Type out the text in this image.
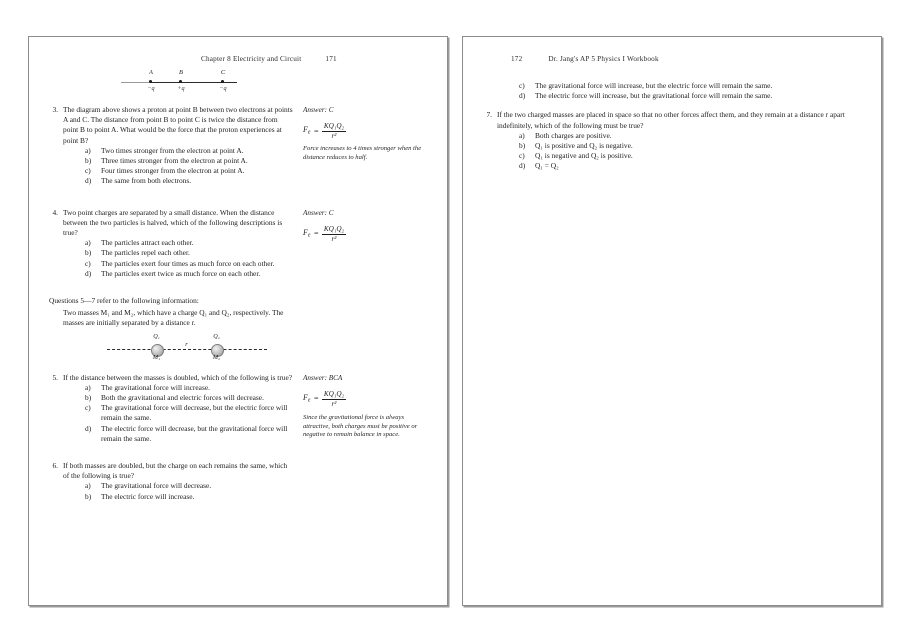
Chapter 8 Electricity and Circuit	171
A	B	C
−q	+q	−q
3. The diagram above shows a proton at point B between two electrons at points A and C. The distance from point B to point C is twice the distance from point B to point A. What would be the force that the proton experiences at point B?

a) Two times stronger from the electron at point A.
b) Three times stronger from the electron at point A.
c) Four times stronger from the electron at point A.
d) The same from both electrons.

Answer: C

$F_e = \frac{\text{KQ₁Q₂}}{\text{r²}}$

Force increases to 4 times stronger when the distance reduces to half.

4. Two point charges are separated by a small distance. When the distance between the two particles is halved, which of the following descriptions is true?

a) The particles attract each other.
b) The particles repel each other.
c) The particles exert four times as much force on each other.
d) The particles exert twice as much force on each other.

Answer: C

$F_e = \frac{\text{KQ₁Q₂}}{\text{r²}}$

Questions 5—7 refer to the following information:

Two masses M₁ and M₂, which have a charge Q₁ and Q₂, respectively. The masses are initially separated by a distance r.

Q₁	Q₂
M₁	M₂
r
5. If the distance between the masses is doubled, which of the following is true?

a) The gravitational force will increase.
b) Both the gravitational and electric forces will decrease.
c) The gravitational force will decrease, but the electric force will remain the same.
d) The electric force will decrease, but the gravitational force will remain the same.

Answer: BCA

$F_e = \frac{\text{KQ₁Q₂}}{\text{r²}}$

Since the gravitational force is always attractive, both charges must be positive or negative to remain balance in space.

6. If both masses are doubled, but the charge on each remains the same, which of the following is true?

a) The gravitational force will decrease.
b) The electric force will increase.
172	Dr. Jang's AP 5 Physics I Workbook
c) The gravitational force will increase, but the electric force will remain the same.
d) The electric force will increase, but the gravitational force will remain the same.
7. If the two charged masses are placed in space so that no other forces affect them, and they remain at a distance r apart indefinitely, which of the following must be true?

a) Both charges are positive.
b) Q₁ is positive and Q₂ is negative.
c) Q₁ is negative and Q₂ is positive.
d) Q₁ = Q₂
